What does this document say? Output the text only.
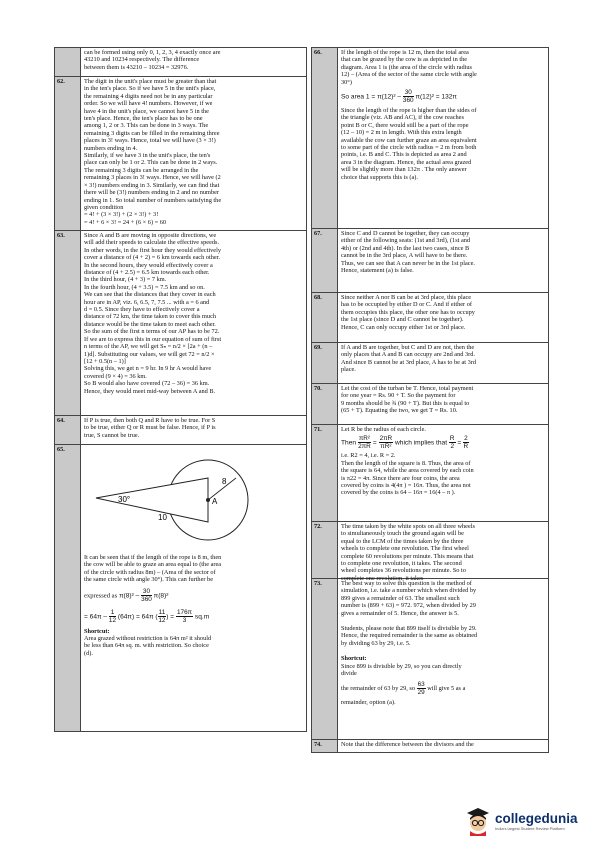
can be formed using only 0, 1, 2, 3, 4 exactly once are
43210 and 10234 respectively. The difference
between them is 43210 – 10234 = 32976.

62.	The digit in the unit's place must be greater than that
in the ten's place. So if we have 5 in the unit's place,
the remaining 4 digits need not be in any particular
order. So we will have 4! numbers. However, if we
have 4 in the unit's place, we cannot have 5 in the
ten's place. Hence, the ten's place has to be one
among 1, 2 or 3. This can be done in 3 ways. The
remaining 3 digits can be filled in the remaining three
places in 3! ways. Hence, total we will have (3 × 3!)
numbers ending in 4.
Similarly, if we have 3 in the unit's place, the ten's
place can only be 1 or 2. This can be done in 2 ways.
The remaining 3 digits can be arranged in the
remaining 3 places in 3! ways. Hence, we will have (2
× 3!) numbers ending in 3. Similarly, we can find that
there will be (3!) numbers ending in 2 and no number
ending in 1. So total number of numbers satisfying the
given condition
= 4! + (3 × 3!) + (2 × 3!) + 3!
= 4! + 6 × 3! = 24 + (6 × 6) = 60

63.	Since A and B are moving in opposite directions, we
will add their speeds to calculate the effective speeds.
In other words, in the first hour they would effectively
cover a distance of (4 + 2) = 6 km towards each other.
In the second hours, they would effectively cover a
distance of (4 + 2.5) = 6.5 km towards each other.
In the third hour, (4 + 3) = 7 km.
In the fourth hour, (4 + 3.5) = 7.5 km and so on.
We can see that the distances that they cover in each
hour are in AP, viz. 6, 6.5, 7, 7.5 ... with a = 6 and
d = 0.5. Since they have to effectively cover a
distance of 72 km, the time taken to cover this much
distance would be the time taken to meet each other.
So the sum of the first n terms of our AP has to be 72.
If we are to express this in our equation of sum of first
n terms of the AP, we will get Sₙ = n/2 × [2a + (n –
1)d]. Substituting our values, we will get 72 = n/2 ×
[12 + 0.5(n – 1)]
Solving this, we get n = 9 hr. In 9 hr A would have
covered (9 × 4) = 36 km.
So B would also have covered (72 – 36) = 36 km.
Hence, they would meet mid-way between A and B.

64.	If P is true, then both Q and R have to be true. For S
to be true, either Q or R must be false. Hence, if P is
true, S cannot be true.

65.
30°
8
10
A

It can be seen that if the length of the rope is 8 m, then
the cow will be able to graze an area equal to (the area
of the circle with radius 8m) – (Area of the sector of
the same circle with angle 30°). This can further be

expressed as $\pi(8)^2 - \frac{30}{360} \pi(8)^2$
= $64\pi - \frac{1}{12} (64\pi) = 64\pi$ ( $\frac{11}{12}$ ) = $\frac{176\pi}{3} sq.m$

Shortcut:

Area grazed without restriction is 64π m² it should
be less than 64π sq. m. with restriction. So choice
(d).

66.	If the length of the rope is 12 m, then the total area
that can be grazed by the cow is as depicted in the
diagram. Area 1 is (the area of the circle with radius
12) – (Area of the sector of the same circle with angle
30°)

So area $1 = \pi(12)^2 - \frac{30}{360} \pi(12)^2 = 132\pi$

Since the length of the rope is higher than the sides of
the triangle (viz. AB and AC), if the cow reaches
point B or C, there would still be a part of the rope
(12 – 10) = 2 m in length. With this extra length
available the cow can further graze an area equivalent
to some part of the circle with radius = 2 m from both
points, i.e. B and C. This is depicted as area 2 and
area 3 in the diagram. Hence, the actual area grazed
will be slightly more than 132π . The only answer
choice that supports this is (a).

67.	Since C and D cannot be together, they can occupy
either of the following seats: (1st and 3rd), (1st and
4th) or (2nd and 4th). In the last two cases, since B
cannot be in the 3rd place, A will have to be there.
Thus, we can see that A can never be in the 1st place.
Hence, statement (a) is false.

68.	Since neither A nor B can be at 3rd place, this place
has to be occupied by either D or C. And if either of
them occupies this place, the other one has to occupy
the 1st place (since D and C cannot be together).
Hence, C can only occupy either 1st or 3rd place.

69.	If A and B are together, but C and D are not, then the
only places that A and B can occupy are 2nd and 3rd.
And since B cannot be at 3rd place, A has to be at 3rd
place.

70.	Let the cost of the turban be T. Hence, total payment
for one year = Rs. 90 + T. So the payment for
9 months should be ¾ (90 + T). But this is equal to
(65 + T). Equating the two, we get T = Rs. 10.

71.	Let R be the radius of each circle.

Then $\frac{\text{πR²}}{2\pi R} = \frac{2\pi R}{\text{πR²}}$ which implies that $\frac{R}{2} = \frac{2}{R}$

i.e. R2 = 4, i.e. R = 2.
Then the length of the square is 8. Thus, the area of
the square is 64, while the area covered by each coin
is π22 = 4π. Since there are four coins, the area
covered by coins is 4(4π ) = 16π. Thus, the area not
covered by the coins is 64 – 16π = 16(4 – π ).

72.	The time taken by the white spots on all three wheels
to simultaneously touch the ground again will be
equal to the LCM of the times taken by the three
wheels to complete one revolution. The first wheel
complete 60 revolutions per minute. This means that
to complete one revolution, it takes. The second
wheel completes 36 revolutions per minute. So to
complete one revolution, it takes

73.	The best way to solve this question is the method of
simulation, i.e. take a number which when divided by
899 gives a remainder of 63. The smallest such
number is (899 + 63) = 972. 972, when divided by 29
gives a remainder of 5. Hence, the answer is 5.

Students, please note that 899 itself is divisible by 29.
Hence, the required remainder is the same as obtained
by dividing 63 by 29, i.e. 5.

Shortcut:

Since 899 is divisible by 29, so you can directly
divide

the remainder of 63 by 29, so $\frac{63}{29}$ will give 5 as a

remainder, option (a).

74.	Note that the difference between the divisors and the

collegedunia
India's largest Student Review Platform
